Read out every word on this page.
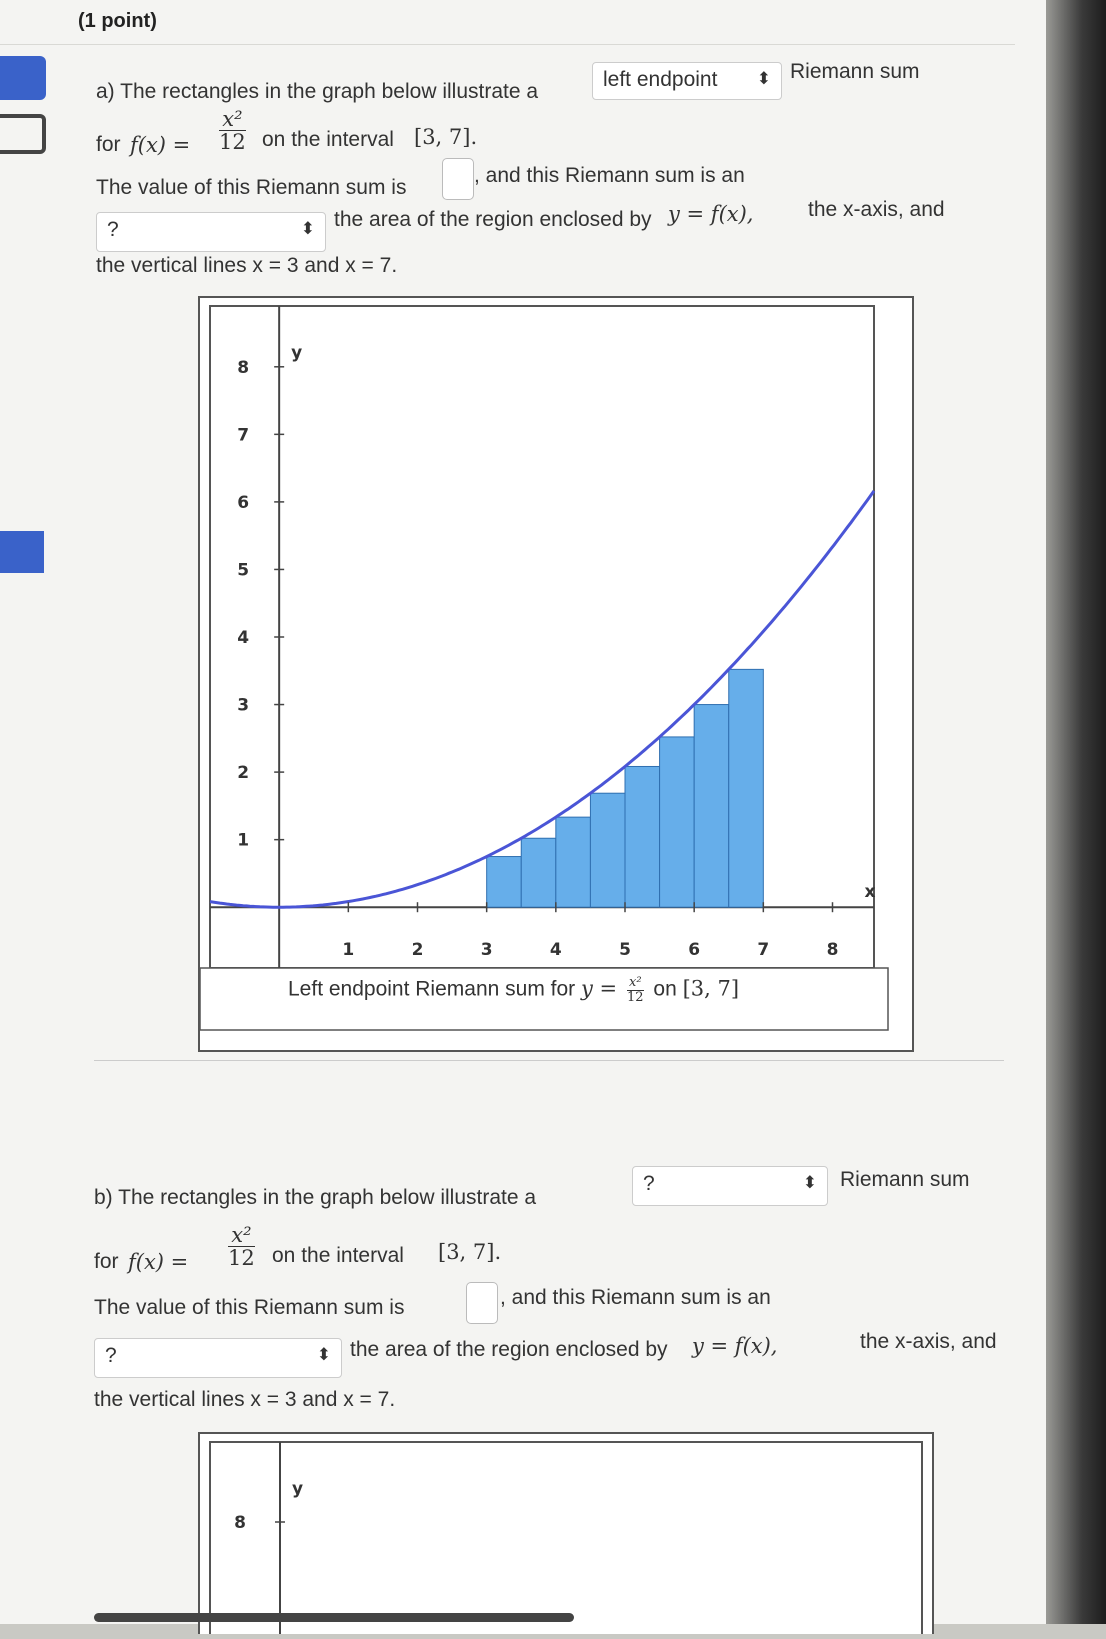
(1 point)
a) The rectangles in the graph below illustrate a
left endpoint ⬍ Riemann sum
for $f(x) = \frac{\text{x²}}{12}$ on the interval [3, 7].
The value of this Riemann sum is
, and this Riemann sum is an
?	⬍ the area of the region enclosed by y = f(x),	the x-axis, and
the vertical lines x = 3 and x = 7.
1	2	3	4	5	6	7	8
1
2
3
4
5
6
7
8
y
x
Left endpoint Riemann sum for $y = \frac{\text{x²}}{12}$ on [3, 7]
b) The rectangles in the graph below illustrate a
?	⬍ Riemann sum
for $f(x) = \frac{\text{x²}}{12}$ on the interval [3, 7].
The value of this Riemann sum is	, and this Riemann sum is an
?	⬍ the area of the region enclosed by y = f(x),	the x-axis, and
the vertical lines x = 3 and x = 7.
8
y
